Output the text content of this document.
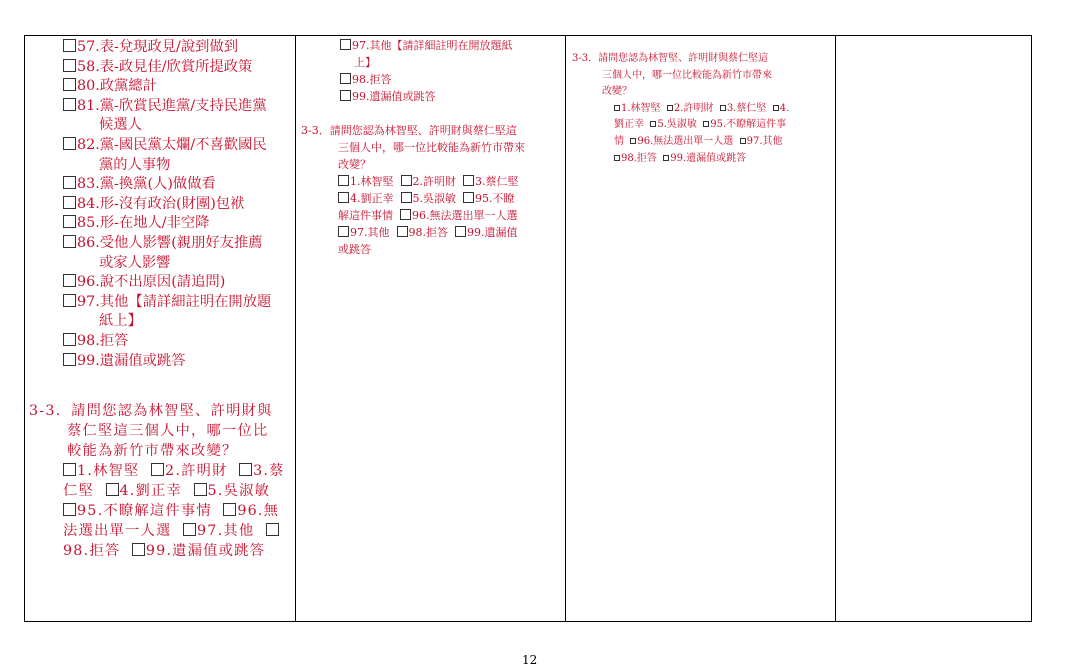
57.表-兌現政見/說到做到
58.表-政見佳/欣賞所提政策
80.政黨總計
81.黨-欣賞民進黨/支持民進黨
候選人
82.黨-國民黨太爛/不喜歡國民
黨的人事物
83.黨-換黨(人)做做看
84.形-沒有政治(財團)包袱
85.形-在地人/非空降
86.受他人影響(親朋好友推薦
或家人影響
96.說不出原因(請追問)
97.其他【請詳細註明在開放題
紙上】
98.拒答
99.遺漏值或跳答
3-3．請問您認為林智堅、許明財與
蔡仁堅這三個人中，哪一位比
較能為新竹市帶來改變？
1.林智堅 2.許明財 3.蔡
仁堅 4.劉正幸 5.吳淑敏
95.不瞭解這件事情 96.無
法選出單一人選 97.其他
98.拒答 99.遺漏值或跳答
97.其他【請詳細註明在開放題紙
上】
98.拒答
99.遺漏值或跳答
3-3．請問您認為林智堅、許明財與蔡仁堅這
三個人中，哪一位比較能為新竹市帶來
改變？
1.林智堅 2.許明財 3.蔡仁堅
4.劉正幸 5.吳淑敏 95.不瞭
解這件事情 96.無法選出單一人選
97.其他 98.拒答 99.遺漏值
或跳答
3-3．請問您認為林智堅、許明財與蔡仁堅這
三個人中，哪一位比較能為新竹市帶來
改變？
1.林智堅 2.許明財 3.蔡仁堅 4.
劉正幸 5.吳淑敏 95.不瞭解這件事
情 96.無法選出單一人選 97.其他
98.拒答 99.遺漏值或跳答
12
